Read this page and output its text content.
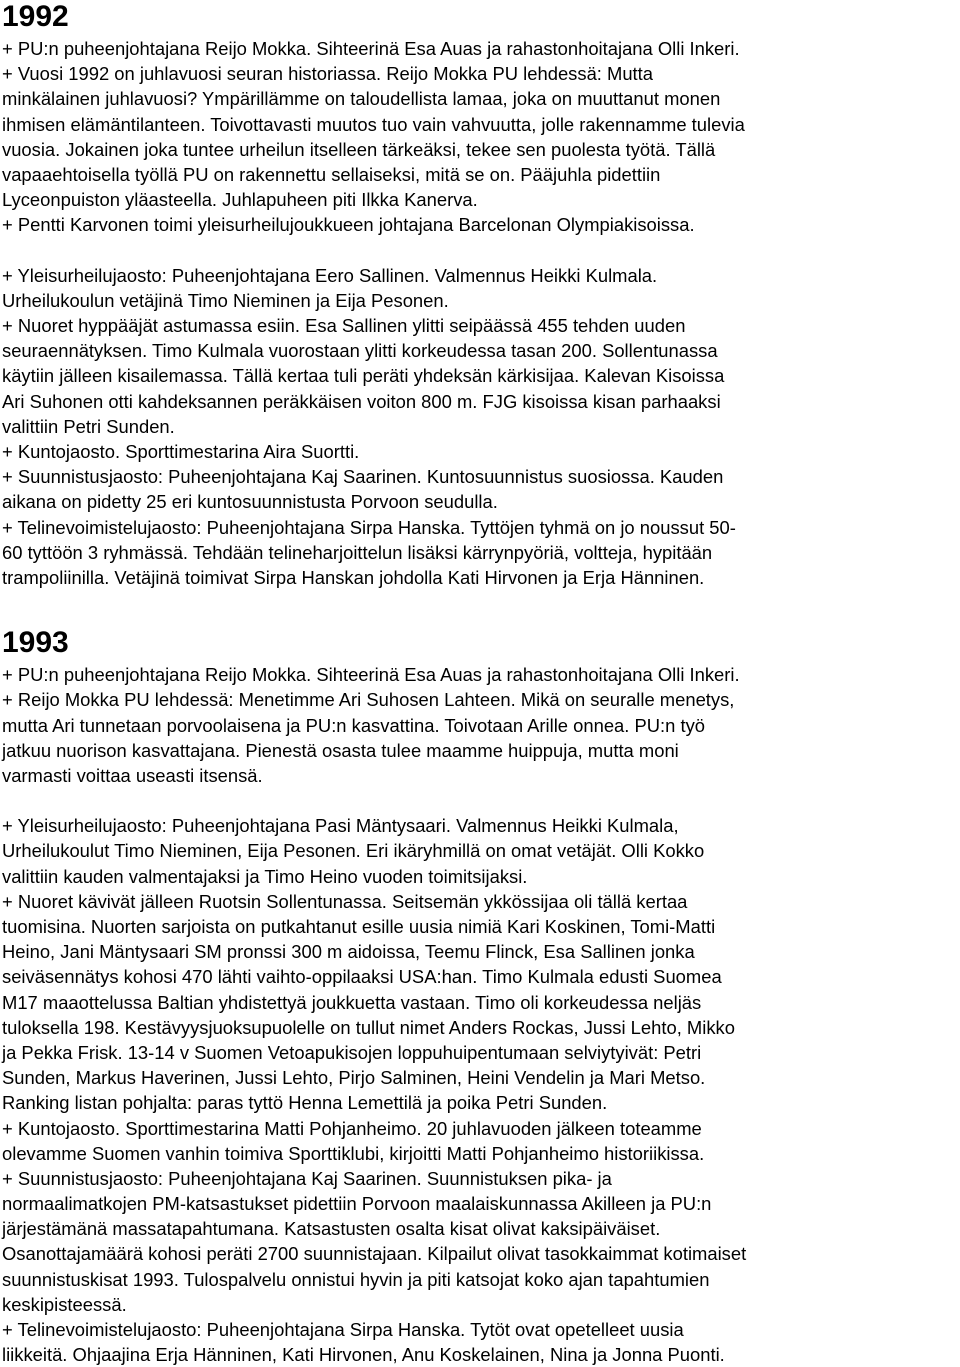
1992
+ PU:n puheenjohtajana Reijo Mokka. Sihteerinä Esa Auas ja rahastonhoitajana Olli Inkeri.
+ Vuosi 1992 on juhlavuosi seuran historiassa. Reijo Mokka PU lehdessä: Mutta
minkälainen juhlavuosi? Ympärillämme on taloudellista lamaa, joka on muuttanut monen
ihmisen elämäntilanteen. Toivottavasti muutos tuo vain vahvuutta, jolle rakennamme tulevia
vuosia. Jokainen joka tuntee urheilun itselleen tärkeäksi, tekee sen puolesta työtä. Tällä
vapaaehtoisella työllä PU on rakennettu sellaiseksi, mitä se on. Pääjuhla pidettiin
Lyceonpuiston yläasteella. Juhlapuheen piti Ilkka Kanerva.
+ Pentti Karvonen toimi yleisurheilujoukkueen johtajana Barcelonan Olympiakisoissa.
+ Yleisurheilujaosto: Puheenjohtajana Eero Sallinen. Valmennus Heikki Kulmala.
Urheilukoulun vetäjinä Timo Nieminen ja Eija Pesonen.
+ Nuoret hyppääjät astumassa esiin. Esa Sallinen ylitti seipäässä 455 tehden uuden
seuraennätyksen. Timo Kulmala vuorostaan ylitti korkeudessa tasan 200. Sollentunassa
käytiin jälleen kisailemassa. Tällä kertaa tuli peräti yhdeksän kärkisijaa. Kalevan Kisoissa
Ari Suhonen otti kahdeksannen peräkkäisen voiton 800 m. FJG kisoissa kisan parhaaksi
valittiin Petri Sunden.
+ Kuntojaosto. Sporttimestarina Aira Suortti.
+ Suunnistusjaosto: Puheenjohtajana Kaj Saarinen. Kuntosuunnistus suosiossa. Kauden
aikana on pidetty 25 eri kuntosuunnistusta Porvoon seudulla.
+ Telinevoimistelujaosto: Puheenjohtajana Sirpa Hanska. Tyttöjen tyhmä on jo noussut 50-
60 tyttöön 3 ryhmässä. Tehdään telineharjoittelun lisäksi kärrynpyöriä, voltteja, hypitään
trampoliinilla. Vetäjinä toimivat Sirpa Hanskan johdolla Kati Hirvonen ja Erja Hänninen.
1993
+ PU:n puheenjohtajana Reijo Mokka. Sihteerinä Esa Auas ja rahastonhoitajana Olli Inkeri.
+ Reijo Mokka PU lehdessä: Menetimme Ari Suhosen Lahteen. Mikä on seuralle menetys,
mutta Ari tunnetaan porvoolaisena ja PU:n kasvattina. Toivotaan Arille onnea. PU:n työ
jatkuu nuorison kasvattajana. Pienestä osasta tulee maamme huippuja, mutta moni
varmasti voittaa useasti itsensä.
+ Yleisurheilujaosto: Puheenjohtajana Pasi Mäntysaari. Valmennus Heikki Kulmala,
Urheilukoulut Timo Nieminen, Eija Pesonen. Eri ikäryhmillä on omat vetäjät. Olli Kokko
valittiin kauden valmentajaksi ja Timo Heino vuoden toimitsijaksi.
+ Nuoret kävivät jälleen Ruotsin Sollentunassa. Seitsemän ykkössijaa oli tällä kertaa
tuomisina. Nuorten sarjoista on putkahtanut esille uusia nimiä Kari Koskinen, Tomi-Matti
Heino, Jani Mäntysaari SM pronssi 300 m aidoissa, Teemu Flinck, Esa Sallinen jonka
seiväsennätys kohosi 470 lähti vaihto-oppilaaksi USA:han. Timo Kulmala edusti Suomea
M17 maaottelussa Baltian yhdistettyä joukkuetta vastaan. Timo oli korkeudessa neljäs
tuloksella 198. Kestävyysjuoksupuolelle on tullut nimet Anders Rockas, Jussi Lehto, Mikko
ja Pekka Frisk. 13-14 v Suomen Vetoapukisojen loppuhuipentumaan selviytyivät: Petri
Sunden, Markus Haverinen, Jussi Lehto, Pirjo Salminen, Heini Vendelin ja Mari Metso.
Ranking listan pohjalta: paras tyttö Henna Lemettilä ja poika Petri Sunden.
+ Kuntojaosto. Sporttimestarina Matti Pohjanheimo. 20 juhlavuoden jälkeen toteamme
olevamme Suomen vanhin toimiva Sporttiklubi, kirjoitti Matti Pohjanheimo historiikissa.
+ Suunnistusjaosto: Puheenjohtajana Kaj Saarinen. Suunnistuksen pika- ja
normaalimatkojen PM-katsastukset pidettiin Porvoon maalaiskunnassa Akilleen ja PU:n
järjestämänä massatapahtumana. Katsastusten osalta kisat olivat kaksipäiväiset.
Osanottajamäärä kohosi peräti 2700 suunnistajaan. Kilpailut olivat tasokkaimmat kotimaiset
suunnistuskisat 1993. Tulospalvelu onnistui hyvin ja piti katsojat koko ajan tapahtumien
keskipisteessä.
+ Telinevoimistelujaosto: Puheenjohtajana Sirpa Hanska. Tytöt ovat opetelleet uusia
liikkeitä. Ohjaajina Erja Hänninen, Kati Hirvonen, Anu Koskelainen, Nina ja Jonna Puonti.
